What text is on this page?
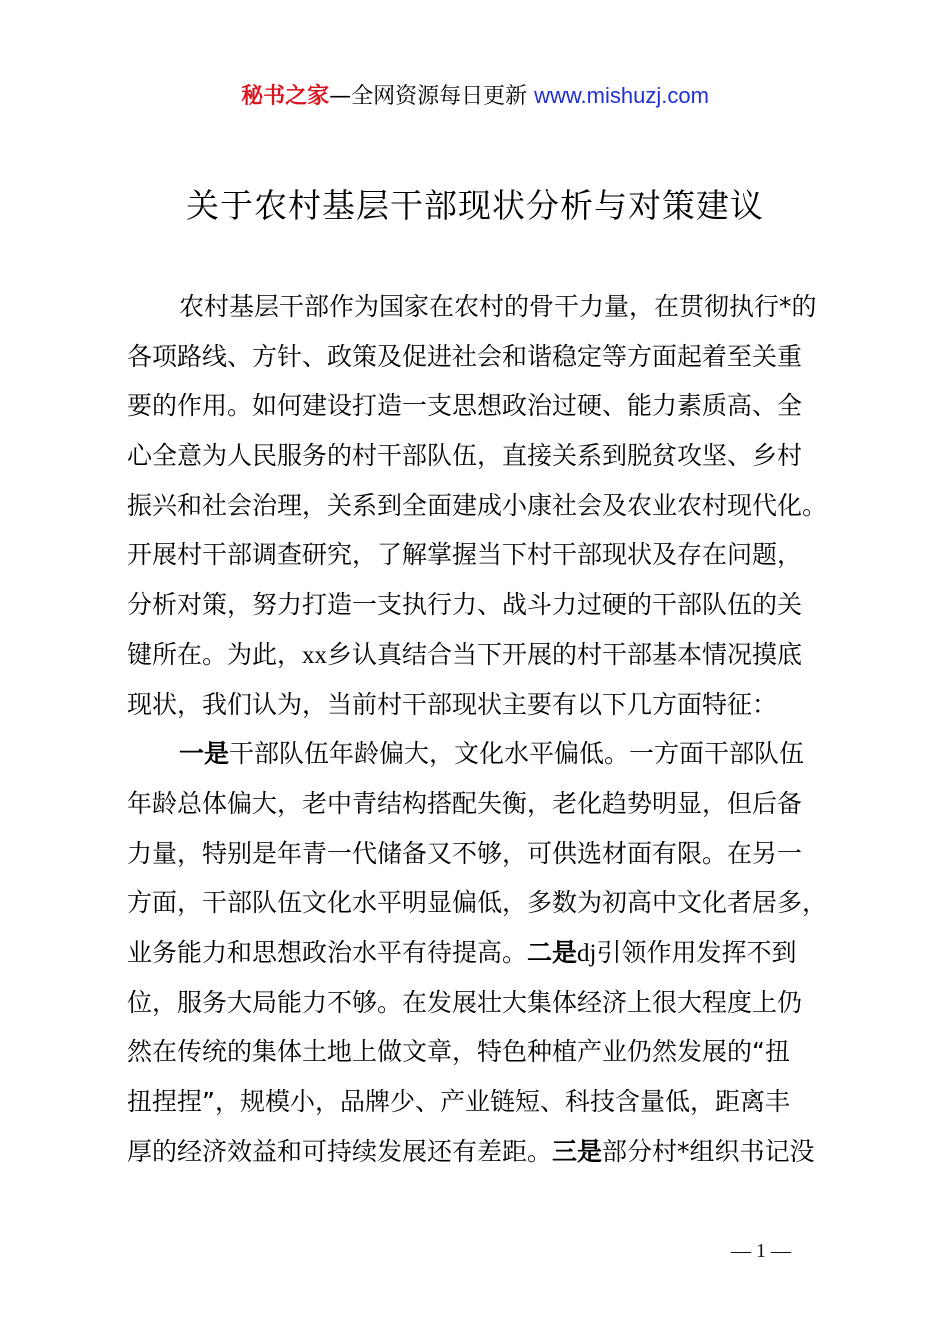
秘书之家—全网资源每日更新 www.mishuzj.com
关于农村基层干部现状分析与对策建议
农村基层干部作为国家在农村的骨干力量，在贯彻执行*的
各项路线、方针、政策及促进社会和谐稳定等方面起着至关重
要的作用。如何建设打造一支思想政治过硬、能力素质高、全
心全意为人民服务的村干部队伍，直接关系到脱贫攻坚、乡村
振兴和社会治理，关系到全面建成小康社会及农业农村现代化。
开展村干部调查研究，了解掌握当下村干部现状及存在问题，
分析对策，努力打造一支执行力、战斗力过硬的干部队伍的关
键所在。为此，xx乡认真结合当下开展的村干部基本情况摸底
现状，我们认为，当前村干部现状主要有以下几方面特征：
一是干部队伍年龄偏大，文化水平偏低。一方面干部队伍
年龄总体偏大，老中青结构搭配失衡，老化趋势明显，但后备
力量，特别是年青一代储备又不够，可供选材面有限。在另一
方面，干部队伍文化水平明显偏低，多数为初高中文化者居多，
业务能力和思想政治水平有待提高。二是dj引领作用发挥不到
位，服务大局能力不够。在发展壮大集体经济上很大程度上仍
然在传统的集体土地上做文章，特色种植产业仍然发展的“扭
扭捏捏”，规模小，品牌少、产业链短、科技含量低，距离丰
厚的经济效益和可持续发展还有差距。三是部分村*组织书记没
— 1 —
